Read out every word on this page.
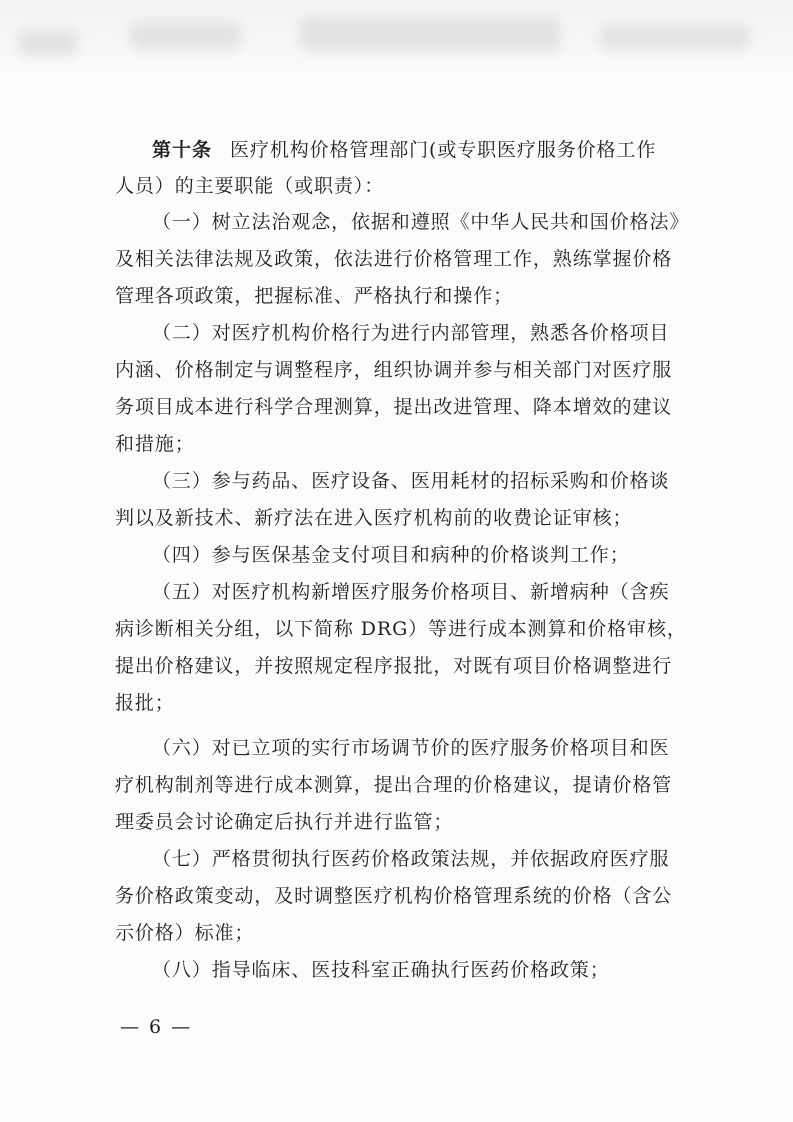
第十条 医疗机构价格管理部门(或专职医疗服务价格工作
人员）的主要职能（或职责）：
（一）树立法治观念，依据和遵照《中华人民共和国价格法》
及相关法律法规及政策，依法进行价格管理工作，熟练掌握价格
管理各项政策，把握标准、严格执行和操作；
（二）对医疗机构价格行为进行内部管理，熟悉各价格项目
内涵、价格制定与调整程序，组织协调并参与相关部门对医疗服
务项目成本进行科学合理测算，提出改进管理、降本增效的建议
和措施；
（三）参与药品、医疗设备、医用耗材的招标采购和价格谈
判以及新技术、新疗法在进入医疗机构前的收费论证审核；
（四）参与医保基金支付项目和病种的价格谈判工作；
（五）对医疗机构新增医疗服务价格项目、新增病种（含疾
病诊断相关分组，以下简称 DRG）等进行成本测算和价格审核，
提出价格建议，并按照规定程序报批，对既有项目价格调整进行
报批；
（六）对已立项的实行市场调节价的医疗服务价格项目和医
疗机构制剂等进行成本测算，提出合理的价格建议，提请价格管
理委员会讨论确定后执行并进行监管；
（七）严格贯彻执行医药价格政策法规，并依据政府医疗服
务价格政策变动，及时调整医疗机构价格管理系统的价格（含公
示价格）标准；
（八）指导临床、医技科室正确执行医药价格政策；
— 6 —
